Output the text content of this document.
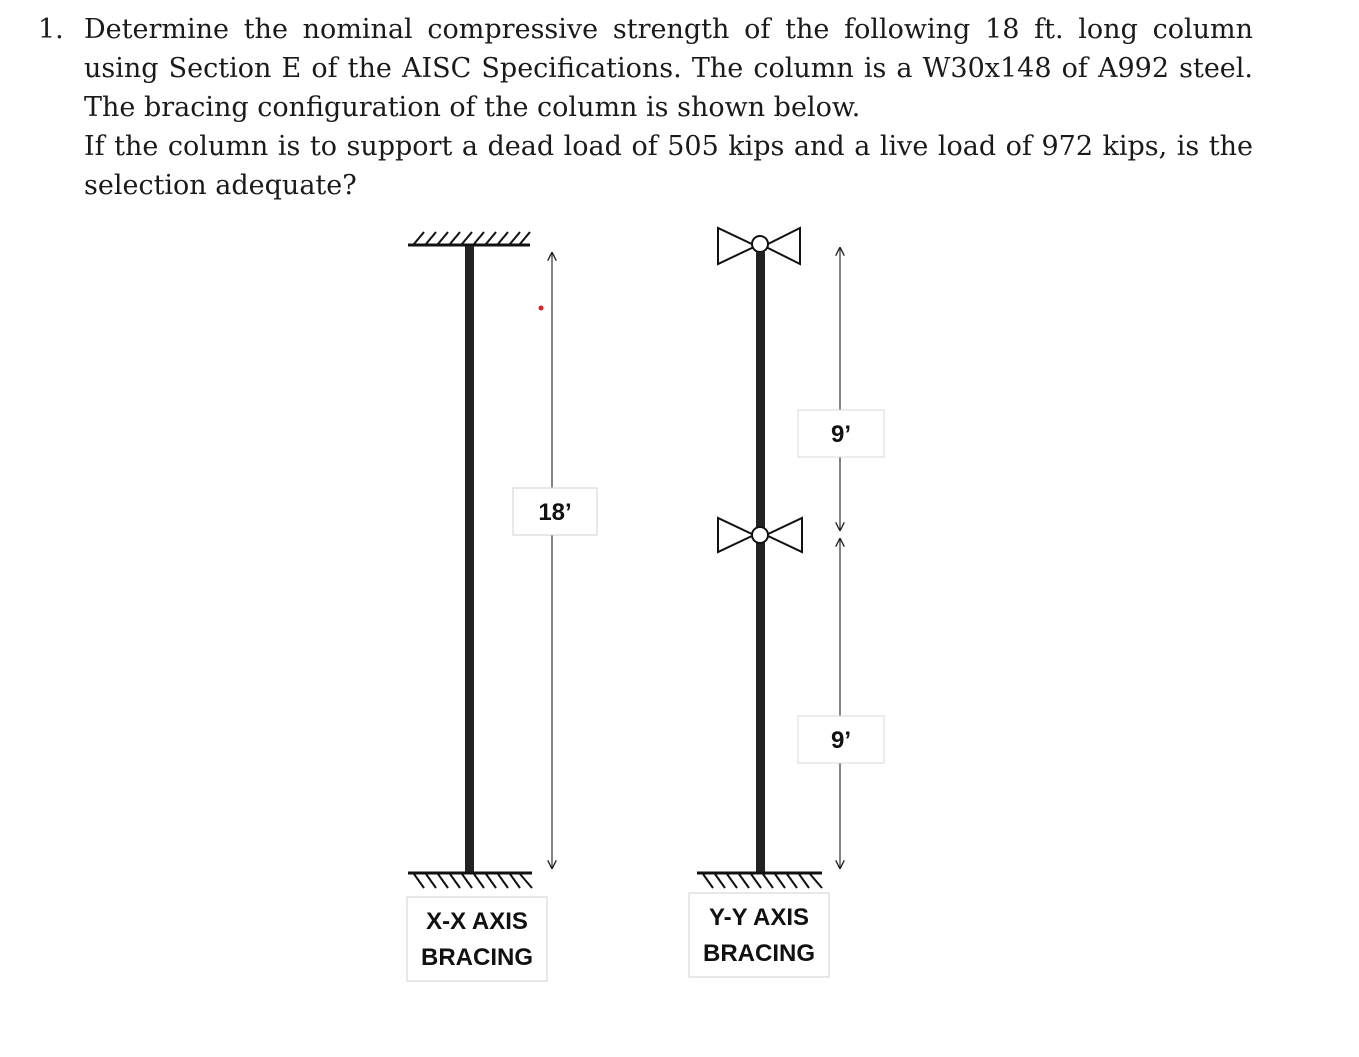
1. Determine the nominal compressive strength of the following 18 ft. long column using Section E of the AISC Specifications. The column is a W30x148 of A992 steel. The bracing configuration of the column is shown below.

If the column is to support a dead load of 505 kips and a live load of 972 kips, is the selection adequate?

18’
X-X AXIS
BRACING
9’
9’
Y-Y AXIS
BRACING
